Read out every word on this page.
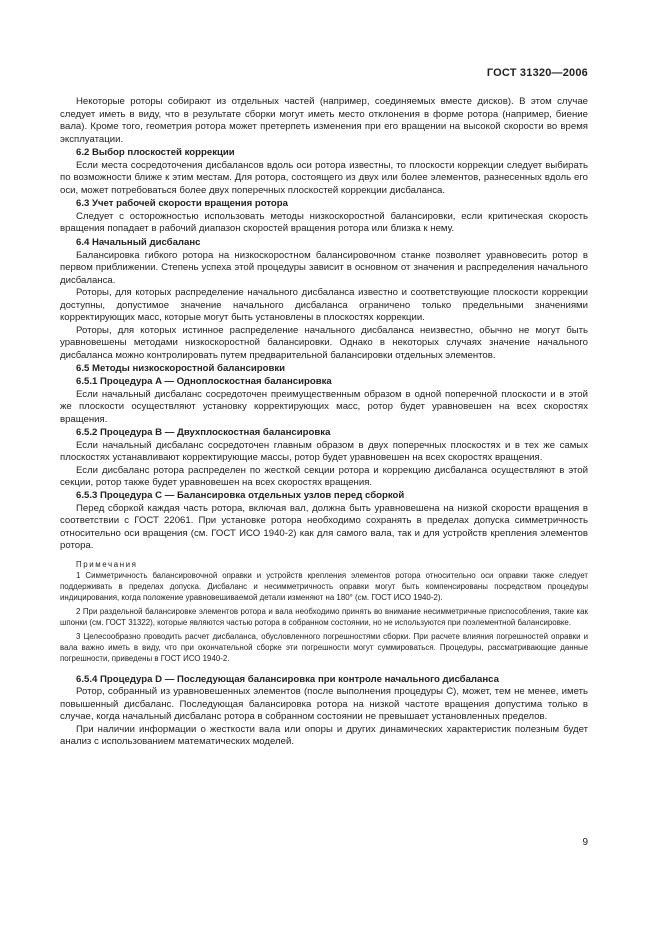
ГОСТ 31320—2006

Некоторые роторы собирают из отдельных частей (например, соединяемых вместе дисков). В этом случае следует иметь в виду, что в результате сборки могут иметь место отклонения в форме ротора (например, биение вала). Кроме того, геометрия ротора может претерпеть изменения при его вращении на высокой скорости во время эксплуатации.

6.2 Выбор плоскостей коррекции

Если места сосредоточения дисбалансов вдоль оси ротора известны, то плоскости коррекции следует выбирать по возможности ближе к этим местам. Для ротора, состоящего из двух или более элементов, разнесенных вдоль его оси, может потребоваться более двух поперечных плоскостей коррекции дисбаланса.

6.3 Учет рабочей скорости вращения ротора

Следует с осторожностью использовать методы низкоскоростной балансировки, если критическая скорость вращения попадает в рабочий диапазон скоростей вращения ротора или близка к нему.

6.4 Начальный дисбаланс

Балансировка гибкого ротора на низкоскоростном балансировочном станке позволяет уравновесить ротор в первом приближении. Степень успеха этой процедуры зависит в основном от значения и распределения начального дисбаланса.

Роторы, для которых распределение начального дисбаланса известно и соответствующие плоскости коррекции доступны, допустимое значение начального дисбаланса ограничено только предельными значениями корректирующих масс, которые могут быть установлены в плоскостях коррекции.

Роторы, для которых истинное распределение начального дисбаланса неизвестно, обычно не могут быть уравновешены методами низкоскоростной балансировки. Однако в некоторых случаях значение начального дисбаланса можно контролировать путем предварительной балансировки отдельных элементов.

6.5 Методы низкоскоростной балансировки

6.5.1 Процедура A — Одноплоскостная балансировка

Если начальный дисбаланс сосредоточен преимущественным образом в одной поперечной плоскости и в этой же плоскости осуществляют установку корректирующих масс, ротор будет уравновешен на всех скоростях вращения.

6.5.2 Процедура B — Двухплоскостная балансировка

Если начальный дисбаланс сосредоточен главным образом в двух поперечных плоскостях и в тех же самых плоскостях устанавливают корректирующие массы, ротор будет уравновешен на всех скоростях вращения.

Если дисбаланс ротора распределен по жесткой секции ротора и коррекцию дисбаланса осуществляют в этой секции, ротор также будет уравновешен на всех скоростях вращения.

6.5.3 Процедура C — Балансировка отдельных узлов перед сборкой

Перед сборкой каждая часть ротора, включая вал, должна быть уравновешена на низкой скорости вращения в соответствии с ГОСТ 22061. При установке ротора необходимо сохранять в пределах допуска симметричность относительно оси вращения (см. ГОСТ ИСО 1940-2) как для самого вала, так и для устройств крепления элементов ротора.

Примечания

1 Симметричность балансировочной оправки и устройств крепления элементов ротора относительно оси оправки также следует поддерживать в пределах допуска. Дисбаланс и несимметричность оправки могут быть компенсированы посредством процедуры индицирования, когда положение уравновешиваемой детали изменяют на 180° (см. ГОСТ ИСО 1940-2).

2 При раздельной балансировке элементов ротора и вала необходимо принять во внимание несимметричные приспособления, такие как шпонки (см. ГОСТ 31322), которые являются частью ротора в собранном состоянии, но не используются при поэлементной балансировке.

3 Целесообразно проводить расчет дисбаланса, обусловленного погрешностями сборки. При расчете влияния погрешностей оправки и вала важно иметь в виду, что при окончательной сборке эти погрешности могут суммироваться. Процедуры, рассматривающие данные погрешности, приведены в ГОСТ ИСО 1940-2.

6.5.4 Процедура D — Последующая балансировка при контроле начального дисбаланса

Ротор, собранный из уравновешенных элементов (после выполнения процедуры C), может, тем не менее, иметь повышенный дисбаланс. Последующая балансировка ротора на низкой частоте вращения допустима только в случае, когда начальный дисбаланс ротора в собранном состоянии не превышает установленных пределов.

При наличии информации о жесткости вала или опоры и других динамических характеристик полезным будет анализ с использованием математических моделей.

9
